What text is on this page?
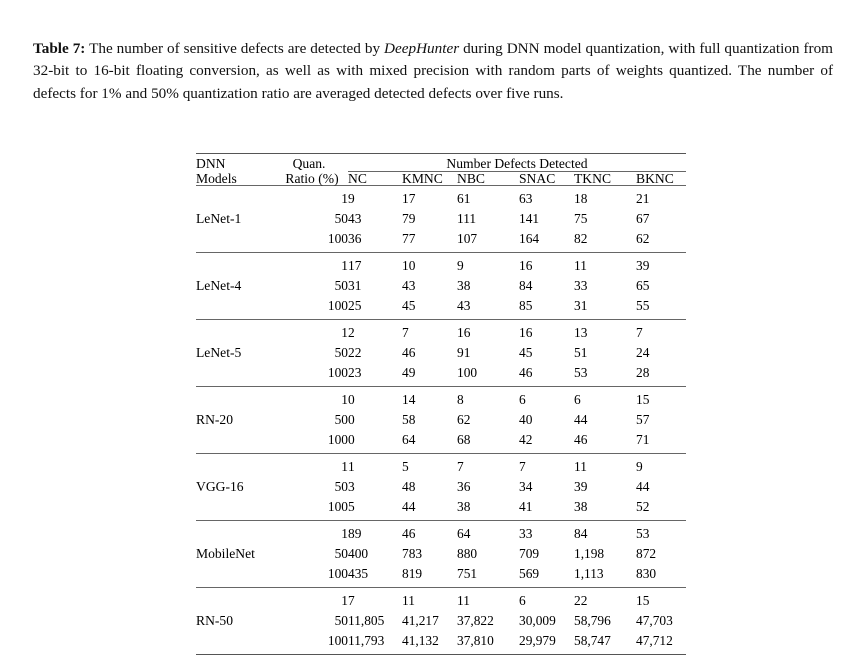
Table 7: The number of sensitive defects are detected by DeepHunter during DNN model quantization, with full quantization from 32-bit to 16-bit floating conversion, as well as with mixed precision with random parts of weights quantized. The number of defects for 1% and 50% quantization ratio are averaged detected defects over five runs.

DNN	Quan.	Number Defects Detected					
Models	Ratio (%)	NC	KMNC	NBC	SNAC	TKNC	BKNC

LeNet-1	1	9	17	61	63	18	21
	50	43	79	111	141	75	67
	100	36	77	107	164	82	62

LeNet-4	1	17	10	9	16	11	39
	50	31	43	38	84	33	65
	100	25	45	43	85	31	55

LeNet-5	1	2	7	16	16	13	7
	50	22	46	91	45	51	24
	100	23	49	100	46	53	28

RN-20	1	0	14	8	6	6	15
	50	0	58	62	40	44	57
	100	0	64	68	42	46	71

VGG-16	1	1	5	7	7	11	9
	50	3	48	36	34	39	44
	100	5	44	38	41	38	52

MobileNet	1	89	46	64	33	84	53
	50	400	783	880	709	1,198	872
	100	435	819	751	569	1,113	830

RN-50	1	7	11	11	6	22	15
	50	11,805	41,217	37,822	30,009	58,796	47,703
	100	11,793	41,132	37,810	29,979	58,747	47,712
